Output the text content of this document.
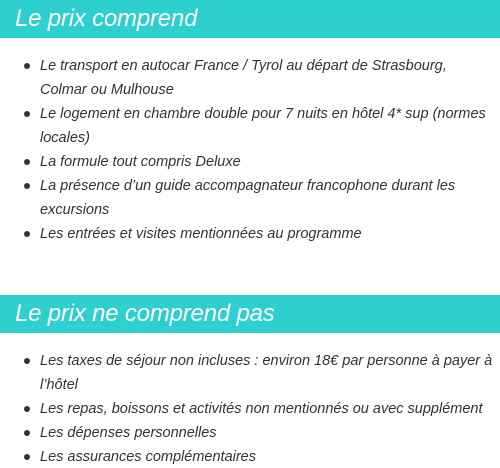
Le prix comprend
Le transport en autocar France / Tyrol au départ de Strasbourg, Colmar ou Mulhouse
Le logement en chambre double pour 7 nuits en hôtel 4* sup (normes locales)
La formule tout compris Deluxe
La présence d’un guide accompagnateur francophone durant les excursions
Les entrées et visites mentionnées au programme
Le prix ne comprend pas
Les taxes de séjour non incluses : environ 18€ par personne à payer à l’hôtel
Les repas, boissons et activités non mentionnés ou avec supplément
Les dépenses personnelles
Les assurances complémentaires
